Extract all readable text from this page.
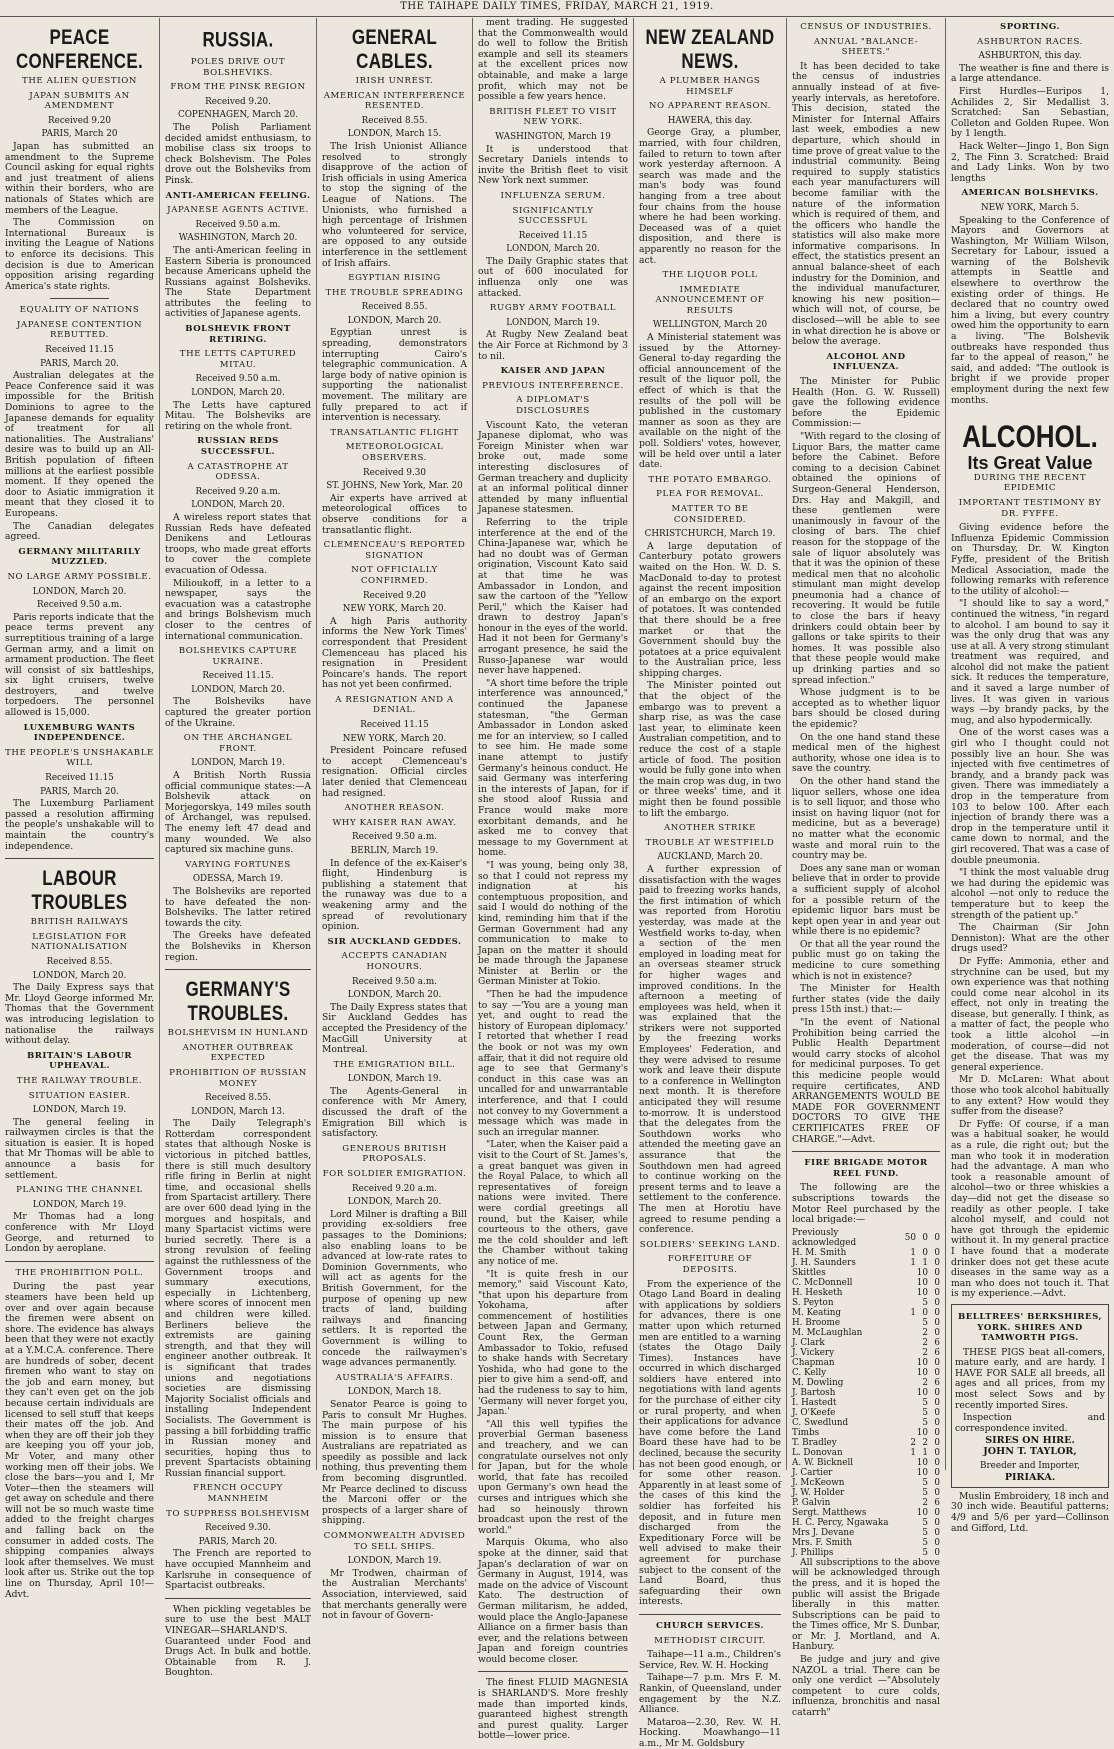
THE TAIHAPE DAILY TIMES, FRIDAY, MARCH 21, 1919.
PEACE CONFERENCE.
THE ALIEN QUESTION
JAPAN SUBMITS AN AMENDMENT
Received 9.20
PARIS, March 20

Japan has submitted an amendment to the Supreme Council asking for equal rights and just treatment of aliens within their borders, who are nationals of States which are members of the League.

The Commission on International Bureaux is inviting the League of Nations to enforce its decisions. This decision is due to American opposition arising regarding America's state rights.

EQUALITY OF NATIONS
JAPANESE CONTENTION REBUTTED.
Received 11.15
PARIS, March 20.

Australian delegates at the Peace Conference said it was impossible for the British Dominions to agree to the Japanese demands for equality of treatment for all nationalities. The Australians' desire was to build up an All-British population of fifteen millions at the earliest possible moment. If they opened the door to Asiatic immigration it meant that they closed it to Europeans.

The Canadian delegates agreed.

GERMANY MILITARILY MUZZLED.
NO LARGE ARMY POSSIBLE.
LONDON, March 20.
Received 9.50 a.m.

Paris reports indicate that the peace terms prevent any surreptitious training of a large German army, and a limit on armament production. The fleet will consist of six battleships, six light cruisers, twelve destroyers, and twelve torpedoers. The personnel allowed is 15,000.

LUXEMBURG WANTS INDEPENDENCE.
THE PEOPLE'S UNSHAKABLE WILL
Received 11.15
PARIS, March 20.

The Luxemburg Parliament passed a resolution affirming the people's unshakable will to maintain the country's independence.

LABOUR TROUBLES
BRITISH RAILWAYS
LEGISLATION FOR NATIONALISATION
Received 8.55.
LONDON, March 20.

The Daily Express says that Mr. Lloyd George informed Mr. Thomas that the Government was introducing legislation to nationalise the railways without delay.

BRITAIN'S LABOUR UPHEAVAL.
THE RAILWAY TROUBLE.
SITUATION EASIER.
LONDON, March 19.

The general feeling in railwaymen circles is that the situation is easier. It is hoped that Mr Thomas will be able to announce a basis for settlement.

PLANING THE CHANNEL
LONDON, March 19.

Mr Thomas had a long conference with Mr Lloyd George, and returned to London by aeroplane.

THE PROHIBITION POLL.

During the past year steamers have been held up over and over again because the firemen were absent on shore. The evidence has always been that they were not exactly at a Y.M.C.A. conference. There are hundreds of sober, decent firemen who want to stay on the job and earn money, but they can't even get on the job because certain individuals are licensed to sell stuff that keeps their mates off the job. And when they are off their job they are keeping you off your job, Mr Voter, and many other working men off their jobs. We close the bars—you and I, Mr Voter—then the steamers will get away on schedule and there will not be so much waste time added to the freight charges and falling back on the consumer in added costs. The shipping companies always look after themselves. We must look after us. Strike out the top line on Thursday, April 10!—Advt.

RUSSIA.
POLES DRIVE OUT BOLSHEVIKS.
FROM THE PINSK REGION
Received 9.20.
COPENHAGEN, March 20.

The Polish Parliament decided amidst enthusiasm, to mobilise class six troops to check Bolshevism. The Poles drove out the Bolsheviks from Pinsk.

ANTI-AMERICAN FEELING.
JAPANESE AGENTS ACTIVE.
Received 9.50 a.m.
WASHINGTON, March 20.

The anti-American feeling in Eastern Siberia is pronounced because Americans upheld the Russians against Bolsheviks. The State Department attributes the feeling to activities of Japanese agents.

BOLSHEVIK FRONT RETIRING.
THE LETTS CAPTURED MITAU.
Received 9.50 a.m.
LONDON, March 20.

The Letts have captured Mitau. The Bolsheviks are retiring on the whole front.

RUSSIAN REDS SUCCESSFUL.
A CATASTROPHE AT ODESSA.
Received 9.20 a.m.
LONDON, March 20.

A wireless report states that Russian Reds have defeated Denikens and Letlouras troops, who made great efforts to cover the complete evacuation of Odessa.

Milioukoff, in a letter to a newspaper, says the evacuation was a catastrophe and brings Bolshevism much closer to the centres of international communication.

BOLSHEVIKS CAPTURE UKRAINE.
Received 11.15.
LONDON, March 20.

The Bolsheviks have captured the greater portion of the Ukraine.

ON THE ARCHANGEL FRONT.
LONDON, March 19.

A British North Russia official communique states:—A Bolshevik attack on Morjegorskya, 149 miles south of Archangel, was repulsed. The enemy left 47 dead and many wounded. We also captured six machine guns.

VARYING FORTUNES
ODESSA, March 19.

The Bolsheviks are reported to have defeated the non-Bolsheviks. The latter retired towards the city.

The Greeks have defeated the Bolsheviks in Kherson region.

GERMANY'S TROUBLES.
BOLSHEVISM IN HUNLAND
ANOTHER OUTBREAK EXPECTED
PROHIBITION OF RUSSIAN MONEY
Received 8.55.
LONDON, March 13.

The Daily Telegraph's Rotterdam correspondent states that although Noske is victorious in pitched battles, there is still much desultory rifle firing in Berlin at night time, and occasional shells from Spartacist artillery. There are over 600 dead lying in the morgues and hospitals, and many Spartacist victims were buried secretly. There is a strong revulsion of feeling against the ruthlessness of the Government troops and summary executions, especially in Lichtenberg, where scores of innocent men and children were killed. Berliners believe the extremists are gaining strength, and that they will engineer another outbreak. It is significant that trades unions and negotiations societies are dismissing Majority Socialist officials and installing Independent Socialists. The Government is passing a bill forbidding traffic in Russian money and securities, hoping thus to prevent Spartacists obtaining Russian financial support.

FRENCH OCCUPY MANNHEIM
TO SUPPRESS BOLSHEVISM
Received 9.30.
PARIS, March 20.

The French are reported to have occupied Mannheim and Karlsruhe in consequence of Spartacist outbreaks.

When pickling vegetables be sure to use the best MALT VINEGAR—SHARLAND'S. Guaranteed under Food and Drugs Act. In bulk and bottle. Obtainable from R. J. Boughton.

GENERAL CABLES.
IRISH UNREST.
AMERICAN INTERFERENCE RESENTED.
Received 8.55.
LONDON, March 15.

The Irish Unionist Alliance resolved to strongly disapprove of the action of Irish officials in using America to stop the signing of the League of Nations. The Unionists, who furnished a high percentage of Irishmen who volunteered for service, are opposed to any outside interference in the settlement of Irish affairs.

EGYPTIAN RISING
THE TROUBLE SPREADING
Received 8.55.
LONDON, March 20.

Egyptian unrest is spreading, demonstrators interrupting Cairo's telegraphic communication. A large body of native opinion is supporting the nationalist movement. The military are fully prepared to act if intervention is necessary.

TRANSATLANTIC FLIGHT
METEOROLOGICAL OBSERVERS.
Received 9.30
ST. JOHNS, New York, Mar. 20

Air experts have arrived at meteorological offices to observe conditions for a transatlantic flight.

CLEMENCEAU'S REPORTED SIGNATION
NOT OFFICIALLY CONFIRMED.
Received 9.20
NEW YORK, March 20.

A high Paris authority informs the New York Times' correspondent that President Clemenceau has placed his resignation in President Poincare's hands. The report has not yet been confirmed.

A RESIGNATION AND A DENIAL.
Received 11.15
NEW YORK, March 20.

President Poincare refused to accept Clemenceau's resignation. Official circles later denied that Clemenceau had resigned.

ANOTHER REASON.
WHY KAISER RAN AWAY.
Received 9.50 a.m.
BERLIN, March 19.

In defence of the ex-Kaiser's flight, Hindenburg is publishing a statement that the runaway was due to a weakening army and the spread of revolutionary opinion.

SIR AUCKLAND GEDDES.
ACCEPTS CANADIAN HONOURS.
Received 9.50 a.m.
LONDON, March 20.

The Daily Express states that Sir Auckland Geddes has accepted the Presidency of the MacGill University at Montreal.

THE EMIGRATION BILL.
LONDON, March 19.

The Agents-General in conference with Mr Amery, discussed the draft of the Emigration Bill which is satisfactory.

GENEROUS BRITISH PROPOSALS.
FOR SOLDIER EMIGRATION.
Received 9.20 a.m.
LONDON, March 20.

Lord Milner is drafting a Bill providing ex-soldiers free passages to the Dominions; also enabling loans to be advanced at low-rate rates to Dominion Governments, who will act as agents for the British Government, for the purpose of opening up new tracts of land, building railways and financing settlers. It is reported the Government is willing to concede the railwaymen's wage advances permanently.

AUSTRALIA'S AFFAIRS.
LONDON, March 18.

Senator Pearce is going to Paris to consult Mr Hughes. The main purpose of his mission is to ensure that Australians are repatriated as speedily as possible and lack nothing, thus preventing them from becoming disgruntled. Mr Pearce declined to discuss the Marconi offer or the prospects of a larger share of shipping.

COMMONWEALTH ADVISED TO SELL SHIPS.
LONDON, March 19.

Mr Trodwen, chairman of the Australian Merchants' Association, interviewed, said that merchants generally were not in favour of Govern-

ment trading. He suggested that the Commonwealth would do well to follow the British example and sell its steamers at the excellent prices now obtainable, and make a large profit, which may not be possible a few years hence.

BRITISH FLEET TO VISIT NEW YORK.
WASHINGTON, March 19

It is understood that Secretary Daniels intends to invite the British fleet to visit New York next summer.

INFLUENZA SERUM.
SIGNIFICANTLY SUCCESSFUL
Received 11.15
LONDON, March 20.

The Daily Graphic states that out of 600 inoculated for influenza only one was attacked.

RUGBY ARMY FOOTBALL
LONDON, March 19.

At Rugby New Zealand beat the Air Force at Richmond by 3 to nil.

KAISER AND JAPAN
PREVIOUS INTERFERENCE.
A DIPLOMAT'S DISCLOSURES

Viscount Kato, the veteran Japanese diplomat, who was Foreign Minister when war broke out, made some interesting disclosures of German treachery and duplicity at an informal political dinner attended by many influential Japanese statesmen.

Referring to the triple interference at the end of the China-Japanese war, which he had no doubt was of German origination, Viscount Kato said at that time he was Ambassador in London, and saw the cartoon of the "Yellow Peril," which the Kaiser had drawn to destroy Japan's honour in the eyes of the world. Had it not been for Germany's arrogant presence, he said the Russo-Japanese war would never have happened.

"A short time before the triple interference was announced," continued the Japanese statesman, "the German Ambassador in London asked me for an interview, so I called to see him. He made some inane attempt to justify Germany's heinous conduct. He said Germany was interfering in the interests of Japan, for if she stood aloof Russia and France would make more exorbitant demands, and he asked me to convey that message to my Government at home.

"I was young, being only 38, so that I could not repress my indignation at his contemptuous proposition, and said I would do nothing of the kind, reminding him that if the German Government had any communication to make to Japan on the matter it should be made through the Japanese Minister at Berlin or the German Minister at Tokio.

"Then he had the impudence to say —'You are a young man yet, and ought to read the history of European diplomacy.' I retorted that whether I read the book or not was my own affair, that it did not require old age to see that Germany's conduct in this case was an uncalled for and unwarrantable interference, and that I could not convey to my Government a message which was made in such an irregular manner.

"Later, when the Kaiser paid a visit to the Court of St. James's, a great banquet was given in the Royal Palace, to which all representatives of foreign nations were invited. There were cordial greetings all round, but the Kaiser, while courteous to the others, gave me the cold shoulder and left the Chamber without taking any notice of me.

"It is quite fresh in our memory," said Viscount Kato, "that upon his departure from Yokohama, after commencement of hostilities between Japan and Germany, Count Rex, the German Ambassador to Tokio, refused to shake hands with Secretary Yoshida, who had gone to the pier to give him a send-off, and had the rudeness to say to him, 'Germany will never forget you, Japan.'

"All this well typifies the proverbial German baseness and treachery, and we can congratulate ourselves not only for Japan, but for the whole world, that fate has recoiled upon Germany's own head the curses and intrigues which she had so heinously thrown broadcast upon the rest of the world."

Marquis Okuma, who also spoke at the dinner, said that Japan's declaration of war on Germany in August, 1914, was made on the advice of Viscount Kato. The destruction of German militarism, he added, would place the Anglo-Japanese Alliance on a firmer basis than ever, and the relations between Japan and foreign countries would become closer.

The finest FLUID MAGNESIA is SHARLAND'S. More freshly made than imported kinds, guaranteed highest strength and purest quality. Larger bottle—lower price.

NEW ZEALAND NEWS.
A PLUMBER HANGS HIMSELF
NO APPARENT REASON.
HAWERA, this day.

George Gray, a plumber, married, with four children, failed to return to town after work yesterday afternoon. A search was made and the man's body was found hanging from a tree about four chains from the house where he had been working. Deceased was of a quiet disposition, and there is apparently no reason for the act.

THE LIQUOR POLL
IMMEDIATE ANNOUNCEMENT OF RESULTS
WELLINGTON, March 20

A Ministerial statement was issued by the Attorney-General to-day regarding the official announcement of the result of the liquor poll, the effect of which is that the results of the poll will be published in the customary manner as soon as they are available on the night of the poll. Soldiers' votes, however, will be held over until a later date.

THE POTATO EMBARGO.
PLEA FOR REMOVAL.
MATTER TO BE CONSIDERED.
CHRISTCHURCH, March 19.

A large deputation of Canterbury potato growers waited on the Hon. W. D. S. MacDonald to-day to protest against the recent imposition of an embargo on the export of potatoes. It was contended that there should be a free market or that the Government should buy the potatoes at a price equivalent to the Australian price, less shipping charges.

The Minister pointed out that the object of the embargo was to prevent a sharp rise, as was the case last year, to eliminate keen Australian competition, and to reduce the cost of a staple article of food. The position would be fully gone into when the main crop was dug, in two or three weeks' time, and it might then be found possible to lift the embargo.

ANOTHER STRIKE
TROUBLE AT WESTFIELD
AUCKLAND, March 20.

A further expression of dissatisfaction with the wages paid to freezing works hands, the first intimation of which was reported from Horotiu yesterday, was made at the Westfield works to-day, when a section of the men employed in loading meat for an overseas steamer struck for higher wages and improved conditions. In the afternoon a meeting of employees was held, when it was explained that the strikers were not supported by the freezing works Employees' Federation, and they were advised to resume work and leave their dispute to a conference in Wellington next month. It is therefore anticipated they will resume to-morrow. It is understood that the delegates from the Southdown works who attended the meeting gave an assurance that the Southdown men had agreed to continue working on the present terms and to leave a settlement to the conference. The men at Horotiu have agreed to resume pending a conference.

SOLDIERS' SEEKING LAND.
FORFEITURE OF DEPOSITS.

From the experience of the Otago Land Board in dealing with applications by soldiers for advances, there is one matter upon which returned men are entitled to a warning (states the Otago Daily Times). Instances have occurred in which discharged soldiers have entered into negotiations with land agents for the purchase of either city or rural property, and when their applications for advance have come before the Land Board these have had to be declined, because the security has not been good enough, or for some other reason. Apparently in at least some of the cases of this kind the soldier has forfeited his deposit, and in future men discharged from the Expeditionary Force will be well advised to make their agreement for purchase subject to the consent of the Land Board, thus safeguarding their own interests.

CHURCH SERVICES.
METHODIST CIRCUIT.

Taihape—11 a.m., Children's Service, Rev. W. H. Hocking

Taihape—7 p.m. Mrs F. M. Rankin, of Queensland, under engagement by the N.Z. Alliance.

Mataroa—2.30, Rev. W. H. Hocking. Moawhango—11 a.m., Mr M. Goldsbury

CENSUS OF INDUSTRIES.
ANNUAL "BALANCE-SHEETS."

It has been decided to take the census of industries annually instead of at five-yearly intervals, as heretofore. This decision, stated the Minister for Internal Affairs last week, embodies a new departure, which should in time prove of great value to the industrial community. Being required to supply statistics each year manufacturers will become familiar with the nature of the information which is required of them, and the officers who handle the statistics will also make more informative comparisons. In effect, the statistics present an annual balance-sheet of each industry for the Dominion, and the individual manufacturer, knowing his new position—which will not, of course, be disclosed—will be able to see in what direction he is above or below the average.

ALCOHOL AND INFLUENZA.

The Minister for Public Health (Hon. G. W. Russell) gave the following evidence before the Epidemic Commission:—

"With regard to the closing of Liquor Bars, the matter came before the Cabinet. Before coming to a decision Cabinet obtained the opinions of Surgeon-General Henderson, Drs. Hay and Makgill, and these gentlemen were unanimously in favour of the closing of bars. The chief reason for the stoppage of the sale of liquor absolutely was that it was the opinion of these medical men that no alcoholic stimulant man might develop pneumonia had a chance of recovering. It would be futile to close the bars if heavy drinkers could obtain beer by gallons or take spirits to their homes. It was possible also that these people would make up drinking parties and so spread infection."

Whose judgment is to be accepted as to whether liquor bars should be closed during the epidemic?

On the one hand stand these medical men of the highest authority, whose one idea is to save the country.

On the other hand stand the liquor sellers, whose one idea is to sell liquor, and those who insist on having liquor (not for medicine, but as a beverage) no matter what the economic waste and moral ruin to the country may be.

Does any sane man or woman believe that in order to provide a sufficient supply of alcohol for a possible return of the epidemic liquor bars must be kept open year in and year out while there is no epidemic?

Or that all the year round the public must go on taking the medicine to cure something which is not in existence?

The Minister for Health further states (vide the daily press 15th inst.) that:—

"In the event of National Prohibition being carried the Public Health Department would carry stocks of alcohol for medicinal purposes. To get this medicine people would require certificates, AND ARRANGEMENTS WOULD BE MADE FOR GOVERNMENT DOCTORS TO GIVE THE CERTIFICATES FREE OF CHARGE."—Advt.

FIRE BRIGADE MOTOR REEL FUND.

The following are the subscriptions towards the Motor Reel purchased by the local brigade:—

Previously acknowledged	50	0	0
H. M. Smith	1	0	0
J. H. Saunders	1	1	0
Skittles		10	0
C. McDonnell		10	0
H. Hesketh		10	0
S. Peyton		5	0
M. Keating	1	0	0
H. Broome		5	0
M. McLaughlan		2	0
J. Clark		2	6
J. Vickery		2	6
Chapman		10	0
C. Kelly		10	0
M. Dowling		2	6
J. Bartosh		10	0
I. Hastedt		5	0
J. O'Keefe		5	0
C. Swedlund		5	0
Timbs		10	0
T. Bradley	2	2	0
L. Donovan	1	1	0
A. W. Bicknell		10	0
J. Cartier		10	0
J. McKeown		5	0
J. W. Holder		5	0
P. Galvin		2	6
Sergt. Matthews		10	0
H. C. Percy, Ngawaka		5	0
Mrs J. Devane		5	0
Mrs. F. Smith		5	0
J. Phillips		5	0

All subscriptions to the above will be acknowledged through the press, and it is hoped the public will assist the Brigade liberally in this matter. Subscriptions can be paid to the Times office, Mr S. Dunbar, or Mr. J. Mortland, and A. Hanbury.

Be judge and jury and give NAZOL a trial. There can be only one verdict —"Absolutely competent to cure colds, influenza, bronchitis and nasal catarrh"

SPORTING.
ASHBURTON RACES.
ASHBURTON, this day.

The weather is fine and there is a large attendance.

First Hurdles—Euripos 1, Achilides 2, Sir Medallist 3. Scratched: San Sebastian, Colleton and Golden Rupee. Won by 1 length.

Hack Welter—Jingo 1, Bon Sign 2, The Finn 3. Scratched: Braid and Lady Links. Won by two lengths

AMERICAN BOLSHEVIKS.
NEW YORK, March 5.

Speaking to the Conference of Mayors and Governors at Washington, Mr William Wilson, Secretary for Labour, issued a warning of the Bolshevik attempts in Seattle and elsewhere to overthrow the existing order of things. He declared that no country owed him a living, but every country owed him the opportunity to earn a living. "The Bolshevik outbreaks have responded thus far to the appeal of reason," he said, and added: "The outlook is bright if we provide proper employment during the next few months.

ALCOHOL.
Its Great Value
DURING THE RECENT EPIDEMIC
IMPORTANT TESTIMONY BY DR. FYFFE.

Giving evidence before the Influenza Epidemic Commission on Thursday, Dr. W. Kington Fyffe, president of the British Medical Association, made the following remarks with reference to the utility of alcohol:—

"I should like to say a word," continued the witness, "in regard to alcohol. I am bound to say it was the only drug that was any use at all. A very strong stimulant treatment was required, and alcohol did not make the patient sick. It reduces the temperature, and it saved a large number of lives. It was given in various ways —by brandy packs, by the mug, and also hypodermically.

One of the worst cases was a girl who I thought could not possibly live an hour. She was injected with five centimetres of brandy, and a brandy pack was given. There was immediately a drop in the temperature from 103 to below 100. After each injection of brandy there was a drop in the temperature until it came down to normal, and the girl recovered. That was a case of double pneumonia.

"I think the most valuable drug we had during the epidemic was alcohol —not only to reduce the temperature but to keep the strength of the patient up."

The Chairman (Sir John Denniston): What are the other drugs used?

Dr Fyffe: Ammonia, ether and strychnine can be used, but my own experience was that nothing could come near alcohol in its effect, not only in treating the disease, but generally. I think, as a matter of fact, the people who took a little alcohol —in moderation, of course—did not get the disease. That was my general experience.

Mr D. McLaren: What about those who took alcohol habitually to any extent? How would they suffer from the disease?

Dr Fyffe: Of course, if a man was a habitual soaker, he would as a rule, die right out; but the man who took it in moderation had the advantage. A man who took a reasonable amount of alcohol—two or three whiskies a day—did not get the disease so readily as other people. I take alcohol myself, and could not have got through the epidemic without it. In my general practice I have found that a moderate drinker does not get these acute diseases in the same way as a man who does not touch it. That is my experience.—Advt.

BELLTREES' BERKSHIRES, YORK. SHIRES AND TAMWORTH PIGS.

THESE PIGS beat all-comers, mature early, and are hardy. I HAVE FOR SALE all breeds, all ages and all prices, from my most select Sows and by recently imported Sires.

Inspection and correspondence invited.

SIRES ON HIRE.
JOHN T. TAYLOR,
Breeder and Importer,
PIRIAKA.

Muslin Embroidery, 18 inch and 30 inch wide. Beautiful patterns; 4/9 and 5/6 per yard—Collinson and Gifford, Ltd.
